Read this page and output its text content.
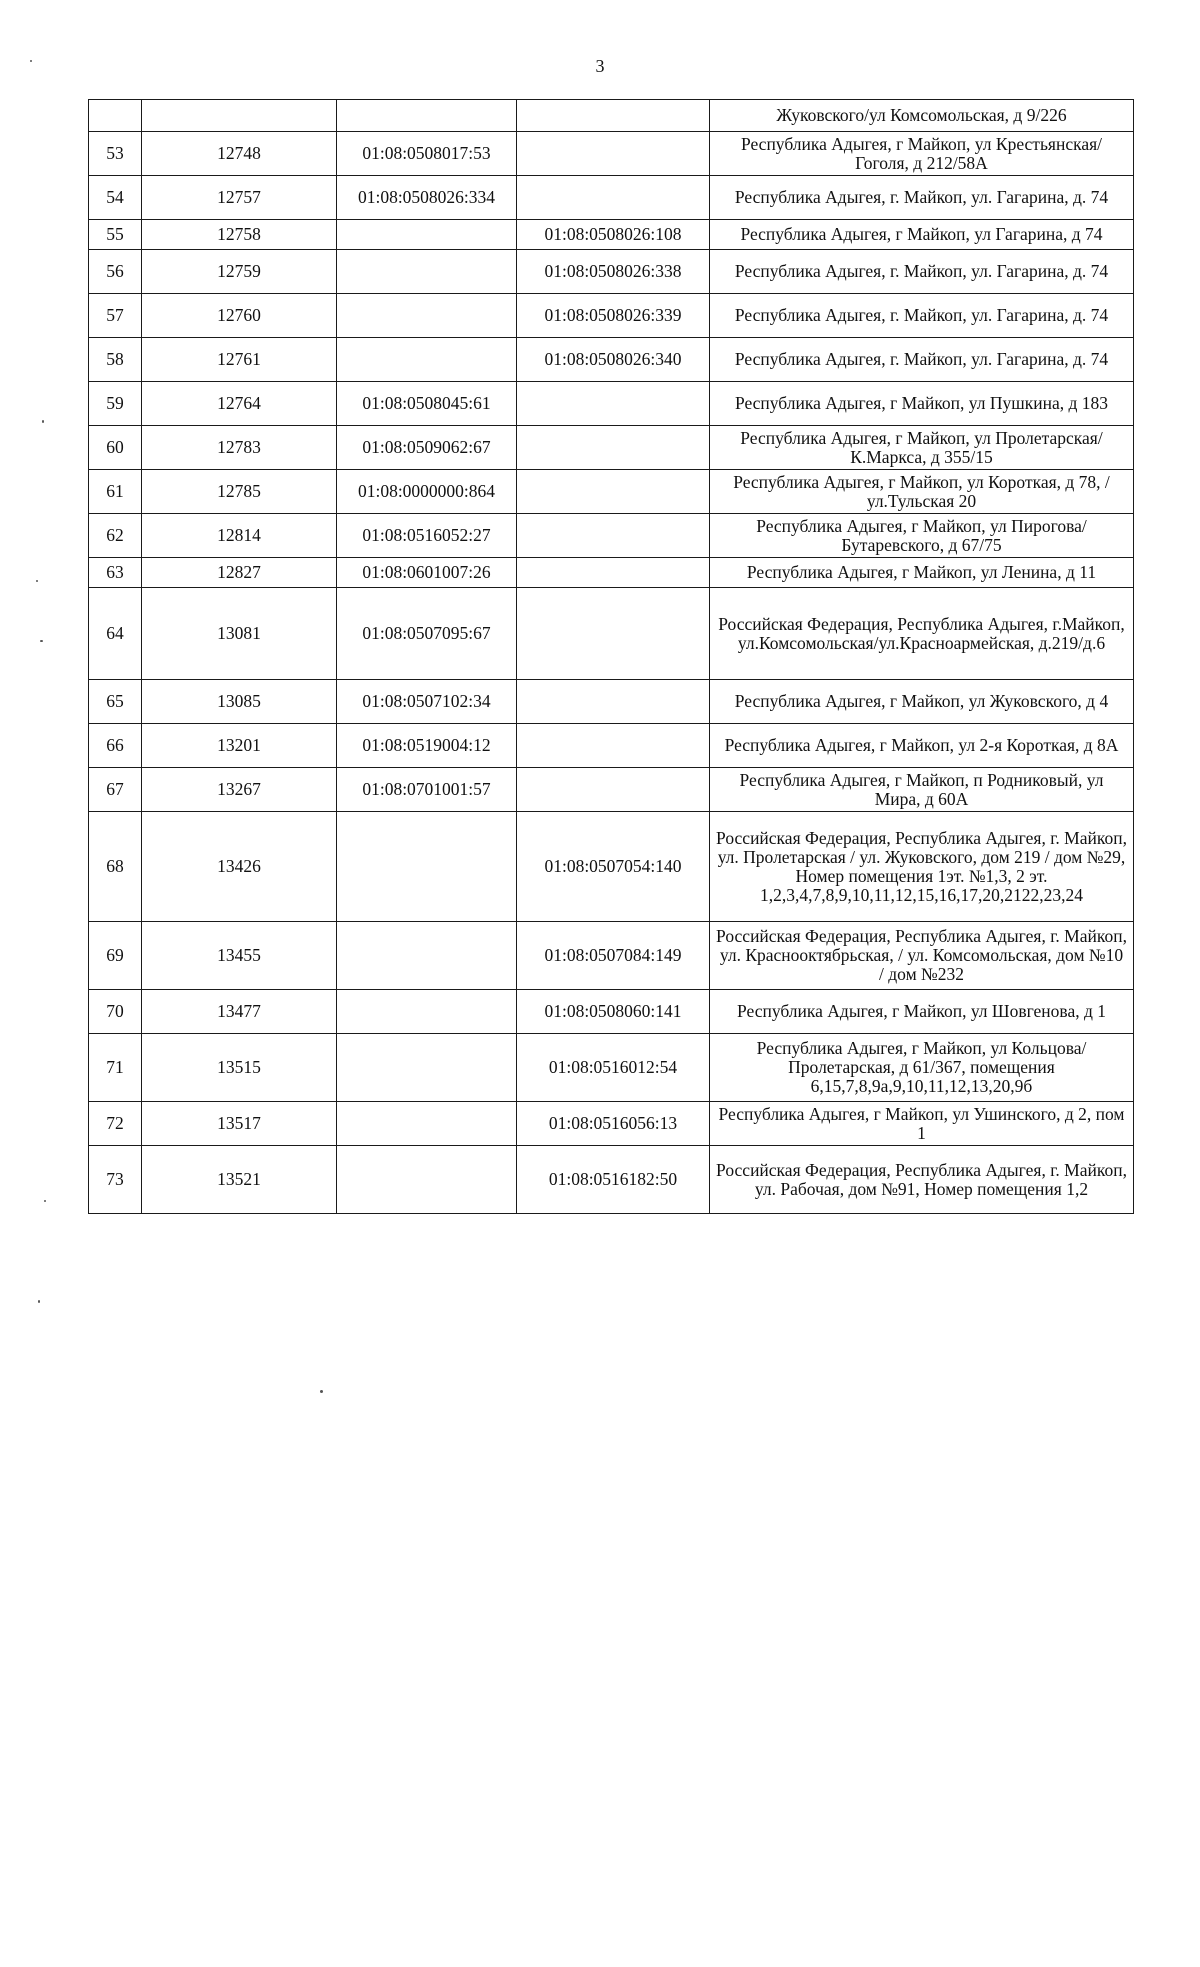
3
				Жуковского/ул Комсомольская, д 9/226
53	12748	01:08:0508017:53		Республика Адыгея, г Майкоп, ул Крестьянская/Гоголя, д 212/58А
54	12757	01:08:0508026:334		Республика Адыгея, г. Майкоп, ул. Гагарина, д. 74
55	12758		01:08:0508026:108	Республика Адыгея, г Майкоп, ул Гагарина, д 74
56	12759		01:08:0508026:338	Республика Адыгея, г. Майкоп, ул. Гагарина, д. 74
57	12760		01:08:0508026:339	Республика Адыгея, г. Майкоп, ул. Гагарина, д. 74
58	12761		01:08:0508026:340	Республика Адыгея, г. Майкоп, ул. Гагарина, д. 74
59	12764	01:08:0508045:61		Республика Адыгея, г Майкоп, ул Пушкина, д 183
60	12783	01:08:0509062:67		Республика Адыгея, г Майкоп, ул Пролетарская/К.Маркса, д 355/15
61	12785	01:08:0000000:864		Республика Адыгея, г Майкоп, ул Короткая, д 78, /ул.Тульская 20
62	12814	01:08:0516052:27		Республика Адыгея, г Майкоп, ул Пирогова/Бутаревского, д 67/75
63	12827	01:08:0601007:26		Республика Адыгея, г Майкоп, ул Ленина, д 11
64	13081	01:08:0507095:67		Российская Федерация, Республика Адыгея, г.Майкоп, ул.Комсомольская/ул.Красноармейская, д.219/д.6
65	13085	01:08:0507102:34		Республика Адыгея, г Майкоп, ул Жуковского, д 4
66	13201	01:08:0519004:12		Республика Адыгея, г Майкоп, ул 2-я Короткая, д 8А
67	13267	01:08:0701001:57		Республика Адыгея, г Майкоп, п Родниковый, ул Мира, д 60А
68	13426		01:08:0507054:140	Российская Федерация, Республика Адыгея, г. Майкоп, ул. Пролетарская / ул. Жуковского, дом 219 / дом №29, Номер помещения 1эт. №1,3, 2 эт. 1,2,3,4,7,8,9,10,11,12,15,16,17,20,2122,23,24
69	13455		01:08:0507084:149	Российская Федерация, Республика Адыгея, г. Майкоп, ул. Краснооктябрьская, / ул. Комсомольская, дом №10 / дом №232
70	13477		01:08:0508060:141	Республика Адыгея, г Майкоп, ул Шовгенова, д 1
71	13515		01:08:0516012:54	Республика Адыгея, г Майкоп, ул Кольцова/Пролетарская, д 61/367, помещения 6,15,7,8,9а,9,10,11,12,13,20,9б
72	13517		01:08:0516056:13	Республика Адыгея, г Майкоп, ул Ушинского, д 2, пом 1
73	13521		01:08:0516182:50	Российская Федерация, Республика Адыгея, г. Майкоп, ул. Рабочая, дом №91, Номер помещения 1,2
